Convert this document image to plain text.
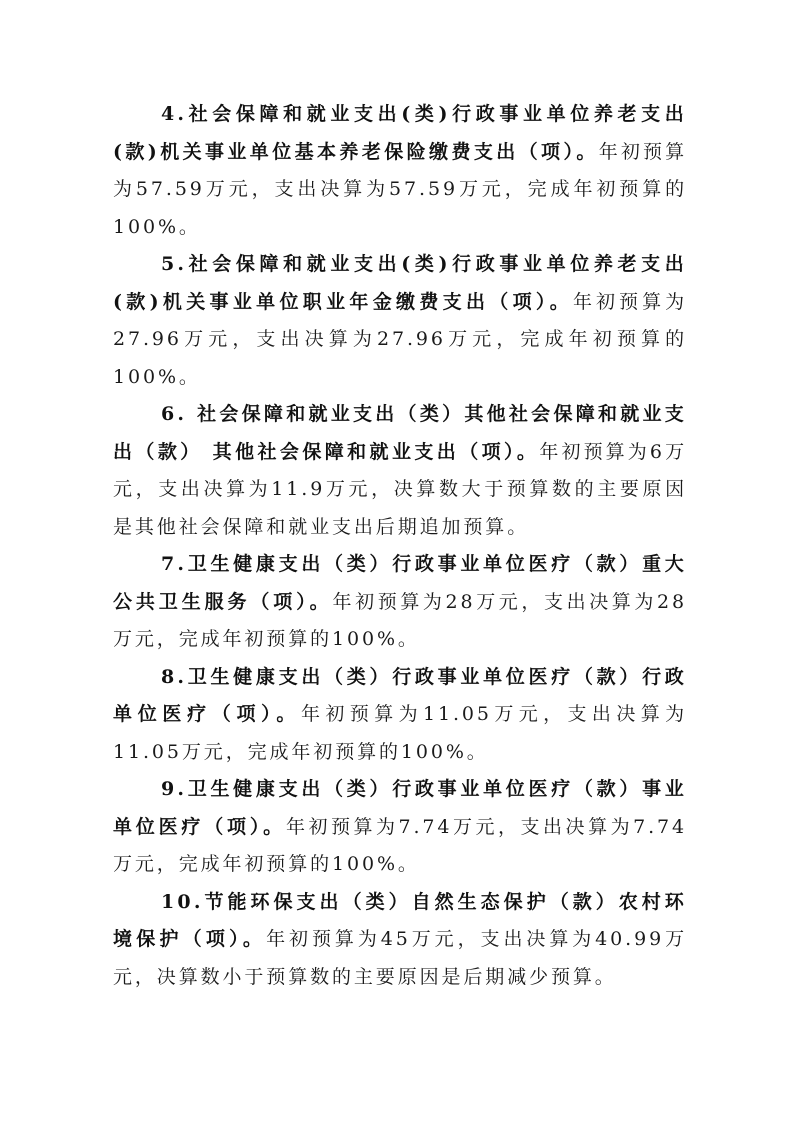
4.社会保障和就业支出(类)行政事业单位养老支出(款)机关事业单位基本养老保险缴费支出（项）。年初预算为57.59万元，支出决算为57.59万元，完成年初预算的100%。

5.社会保障和就业支出(类)行政事业单位养老支出(款)机关事业单位职业年金缴费支出（项）。年初预算为27.96万元，支出决算为27.96万元，完成年初预算的100%。

6. 社会保障和就业支出（类）其他社会保障和就业支出（款） 其他社会保障和就业支出（项）。年初预算为6万元，支出决算为11.9万元，决算数大于预算数的主要原因是其他社会保障和就业支出后期追加预算。

7.卫生健康支出（类）行政事业单位医疗（款）重大公共卫生服务（项）。年初预算为28万元，支出决算为28万元，完成年初预算的100%。

8.卫生健康支出（类）行政事业单位医疗（款）行政单位医疗（项）。年初预算为11.05万元，支出决算为11.05万元，完成年初预算的100%。

9.卫生健康支出（类）行政事业单位医疗（款）事业单位医疗（项）。年初预算为7.74万元，支出决算为7.74万元，完成年初预算的100%。

10.节能环保支出（类）自然生态保护（款）农村环境保护（项）。年初预算为45万元，支出决算为40.99万元，决算数小于预算数的主要原因是后期减少预算。
